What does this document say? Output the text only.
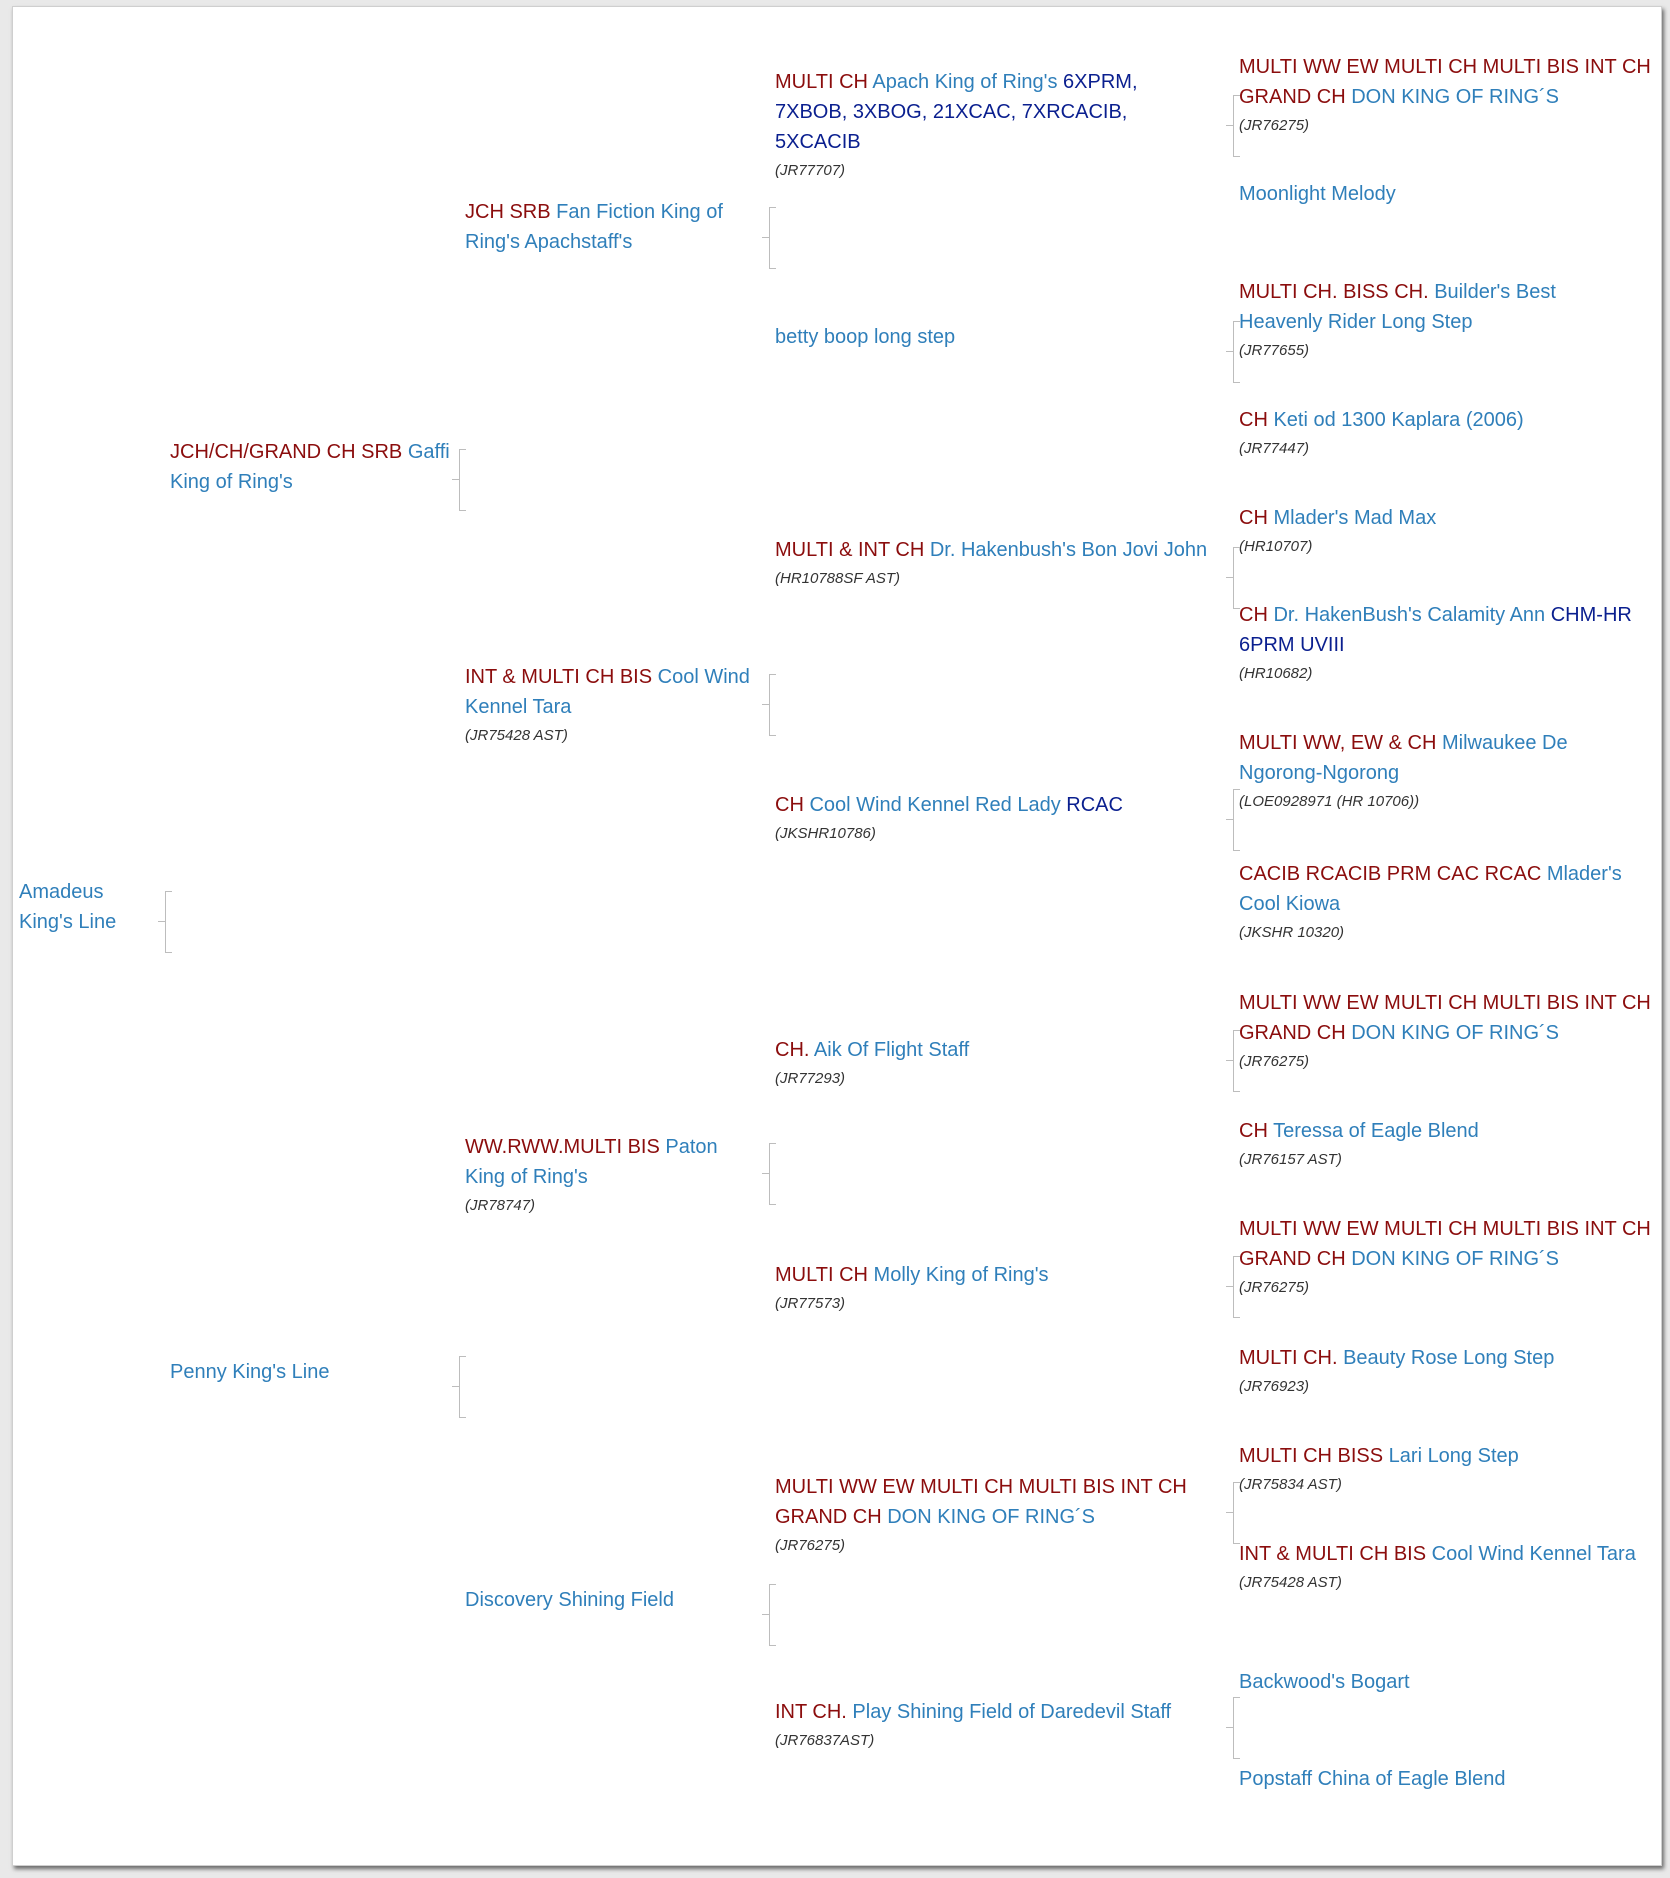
Amadeus King's Line
JCH/CH/GRAND CH SRB Gaffi King of Ring's
Penny King's Line
JCH SRB Fan Fiction King of Ring's Apachstaff's
INT & MULTI CH BIS Cool Wind Kennel Tara
(JR75428 AST)
WW.RWW.MULTI BIS Paton King of Ring's
(JR78747)
Discovery Shining Field
MULTI CH Apach King of Ring's 6XPRM, 7XBOB, 3XBOG, 21XCAC, 7XRCACIB, 5XCACIB
(JR77707)
betty boop long step
MULTI & INT CH Dr. Hakenbush's Bon Jovi John
(HR10788SF AST)
CH Cool Wind Kennel Red Lady RCAC
(JKSHR10786)
CH. Aik Of Flight Staff
(JR77293)
MULTI CH Molly King of Ring's
(JR77573)
MULTI WW EW MULTI CH MULTI BIS INT CH GRAND CH DON KING OF RING´S
(JR76275)
INT CH. Play Shining Field of Daredevil Staff
(JR76837AST)
MULTI WW EW MULTI CH MULTI BIS INT CH GRAND CH DON KING OF RING´S
(JR76275)
Moonlight Melody
MULTI CH. BISS CH. Builder's Best Heavenly Rider Long Step
(JR77655)
CH Keti od 1300 Kaplara (2006)
(JR77447)
CH Mlader's Mad Max
(HR10707)
CH Dr. HakenBush's Calamity Ann CHM-HR 6PRM UVIII
(HR10682)
MULTI WW, EW & CH Milwaukee De Ngorong-Ngorong
(LOE0928971 (HR 10706))
CACIB RCACIB PRM CAC RCAC Mlader's Cool Kiowa
(JKSHR 10320)
MULTI WW EW MULTI CH MULTI BIS INT CH GRAND CH DON KING OF RING´S
(JR76275)
CH Teressa of Eagle Blend
(JR76157 AST)
MULTI WW EW MULTI CH MULTI BIS INT CH GRAND CH DON KING OF RING´S
(JR76275)
MULTI CH. Beauty Rose Long Step
(JR76923)
MULTI CH BISS Lari Long Step
(JR75834 AST)
INT & MULTI CH BIS Cool Wind Kennel Tara
(JR75428 AST)
Backwood's Bogart
Popstaff China of Eagle Blend
